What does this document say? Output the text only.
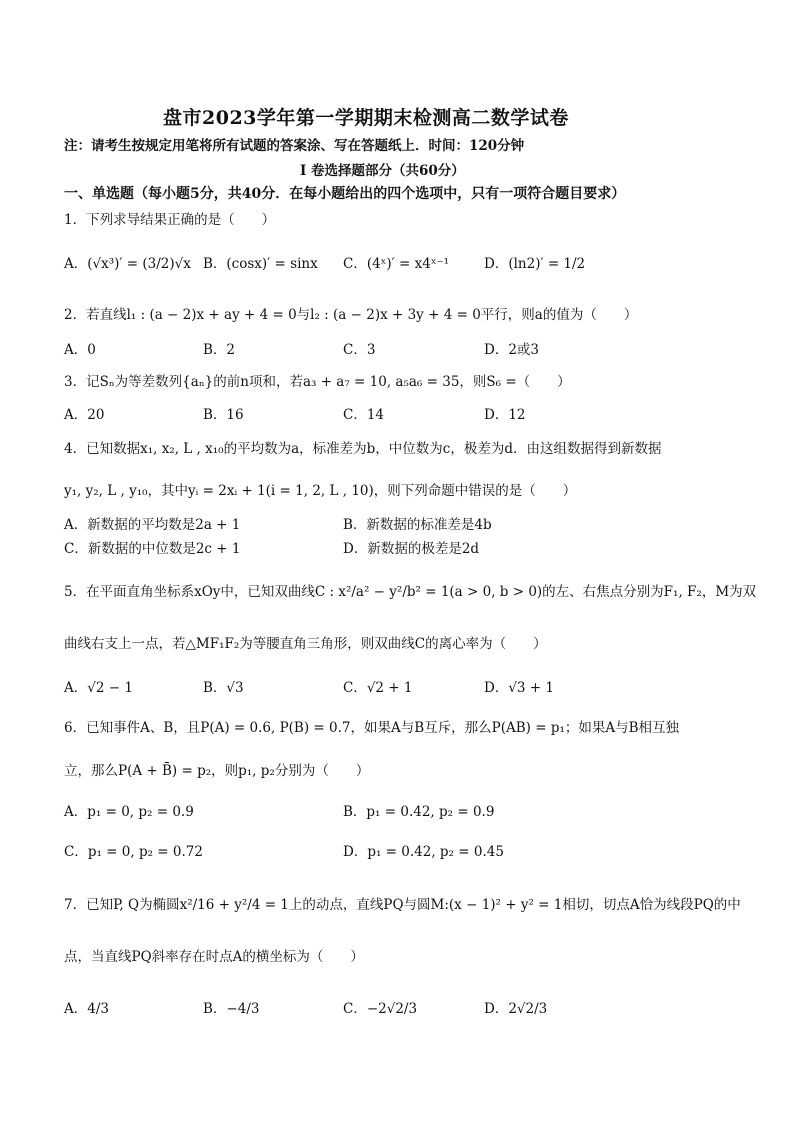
盘市2023学年第一学期期末检测高二数学试卷
注：请考生按规定用笔将所有试题的答案涂、写在答题纸上．时间：120分钟
I 卷选择题部分（共60分）
一、单选题（每小题5分，共40分．在每小题给出的四个选项中，只有一项符合题目要求）
1．下列求导结果正确的是（　　）
A．(√x³)′ = (3/2)√x B．(cosx)′ = sinx C．(4ˣ)′ = x4ˣ⁻¹	D．(ln2)′ = 1/2
2．若直线l₁ : (a − 2)x + ay + 4 = 0与l₂ : (a − 2)x + 3y + 4 = 0平行，则a的值为（　　）
A．0	B．2	C．3	D．2或3
3．记Sₙ为等差数列{aₙ}的前n项和，若a₃ + a₇ = 10, a₅a₆ = 35，则S₆ =（　　）
A．20	B．16	C．14	D．12
4．已知数据x₁, x₂, L , x₁₀的平均数为a，标准差为b，中位数为c，极差为d．由这组数据得到新数据
y₁, y₂, L , y₁₀，其中yᵢ = 2xᵢ + 1(i = 1, 2, L , 10)，则下列命题中错误的是（　　）
A．新数据的平均数是2a + 1	B．新数据的标准差是4b
C．新数据的中位数是2c + 1	D．新数据的极差是2d
5．在平面直角坐标系xOy中，已知双曲线C : x²/a² − y²/b² = 1(a > 0, b > 0)的左、右焦点分别为F₁, F₂，M为双
曲线右支上一点，若△MF₁F₂为等腰直角三角形，则双曲线C的离心率为（　　）
A．√2 − 1	B．√3	C．√2 + 1	D．√3 + 1
6．已知事件A、B，且P(A) = 0.6, P(B) = 0.7，如果A与B互斥，那么P(AB) = p₁；如果A与B相互独
立，那么P(A + B̄) = p₂，则p₁, p₂分别为（　　）
A．p₁ = 0, p₂ = 0.9	B．p₁ = 0.42, p₂ = 0.9
C．p₁ = 0, p₂ = 0.72	D．p₁ = 0.42, p₂ = 0.45
7．已知P, Q为椭圆x²/16 + y²/4 = 1上的动点，直线PQ与圆M:(x − 1)² + y² = 1相切，切点A恰为线段PQ的中
点，当直线PQ斜率存在时点A的横坐标为（　　）
A．4/3	B．−4/3	C．−2√2/3	D．2√2/3
